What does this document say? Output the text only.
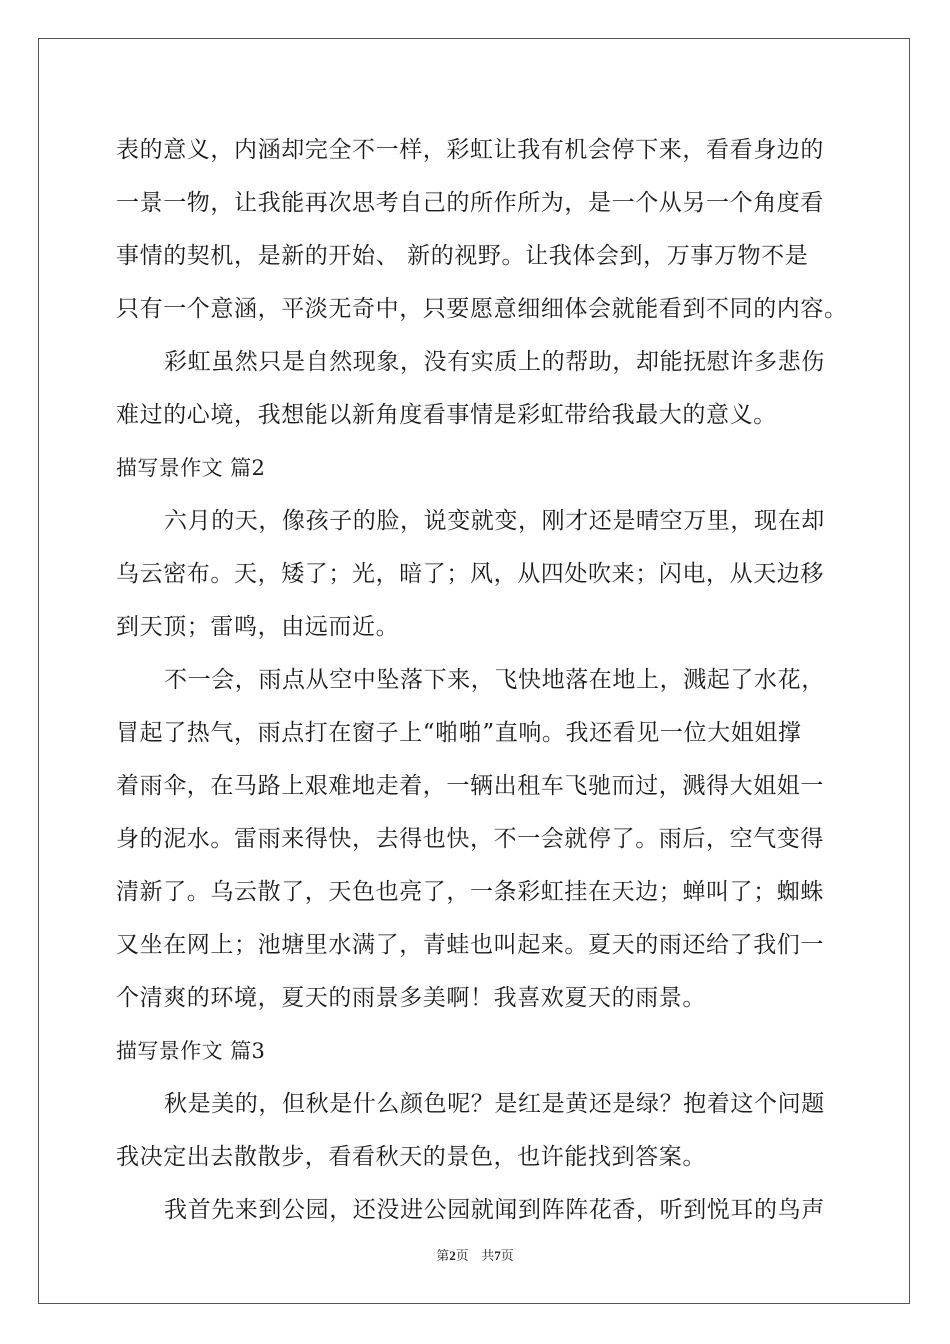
表的意义，内涵却完全不一样，彩虹让我有机会停下来，看看身边的
一景一物，让我能再次思考自己的所作所为，是一个从另一个角度看
事情的契机，是新的开始、 新的视野。让我体会到，万事万物不是
只有一个意涵，平淡无奇中，只要愿意细细体会就能看到不同的内容。
彩虹虽然只是自然现象，没有实质上的帮助，却能抚慰许多悲伤
难过的心境，我想能以新角度看事情是彩虹带给我最大的意义。
描写景作文 篇2
六月的天，像孩子的脸，说变就变，刚才还是晴空万里，现在却
乌云密布。天，矮了；光，暗了；风，从四处吹来；闪电，从天边移
到天顶；雷鸣，由远而近。
不一会，雨点从空中坠落下来，飞快地落在地上，溅起了水花，
冒起了热气，雨点打在窗子上“啪啪”直响。我还看见一位大姐姐撑
着雨伞，在马路上艰难地走着，一辆出租车飞驰而过，溅得大姐姐一
身的泥水。雷雨来得快，去得也快，不一会就停了。雨后，空气变得
清新了。乌云散了，天色也亮了，一条彩虹挂在天边；蝉叫了；蜘蛛
又坐在网上；池塘里水满了，青蛙也叫起来。夏天的雨还给了我们一
个清爽的环境，夏天的雨景多美啊！我喜欢夏天的雨景。
描写景作文 篇3
秋是美的，但秋是什么颜色呢？是红是黄还是绿？抱着这个问题
我决定出去散散步，看看秋天的景色，也许能找到答案。
我首先来到公园，还没进公园就闻到阵阵花香，听到悦耳的鸟声
第2页   共7页
